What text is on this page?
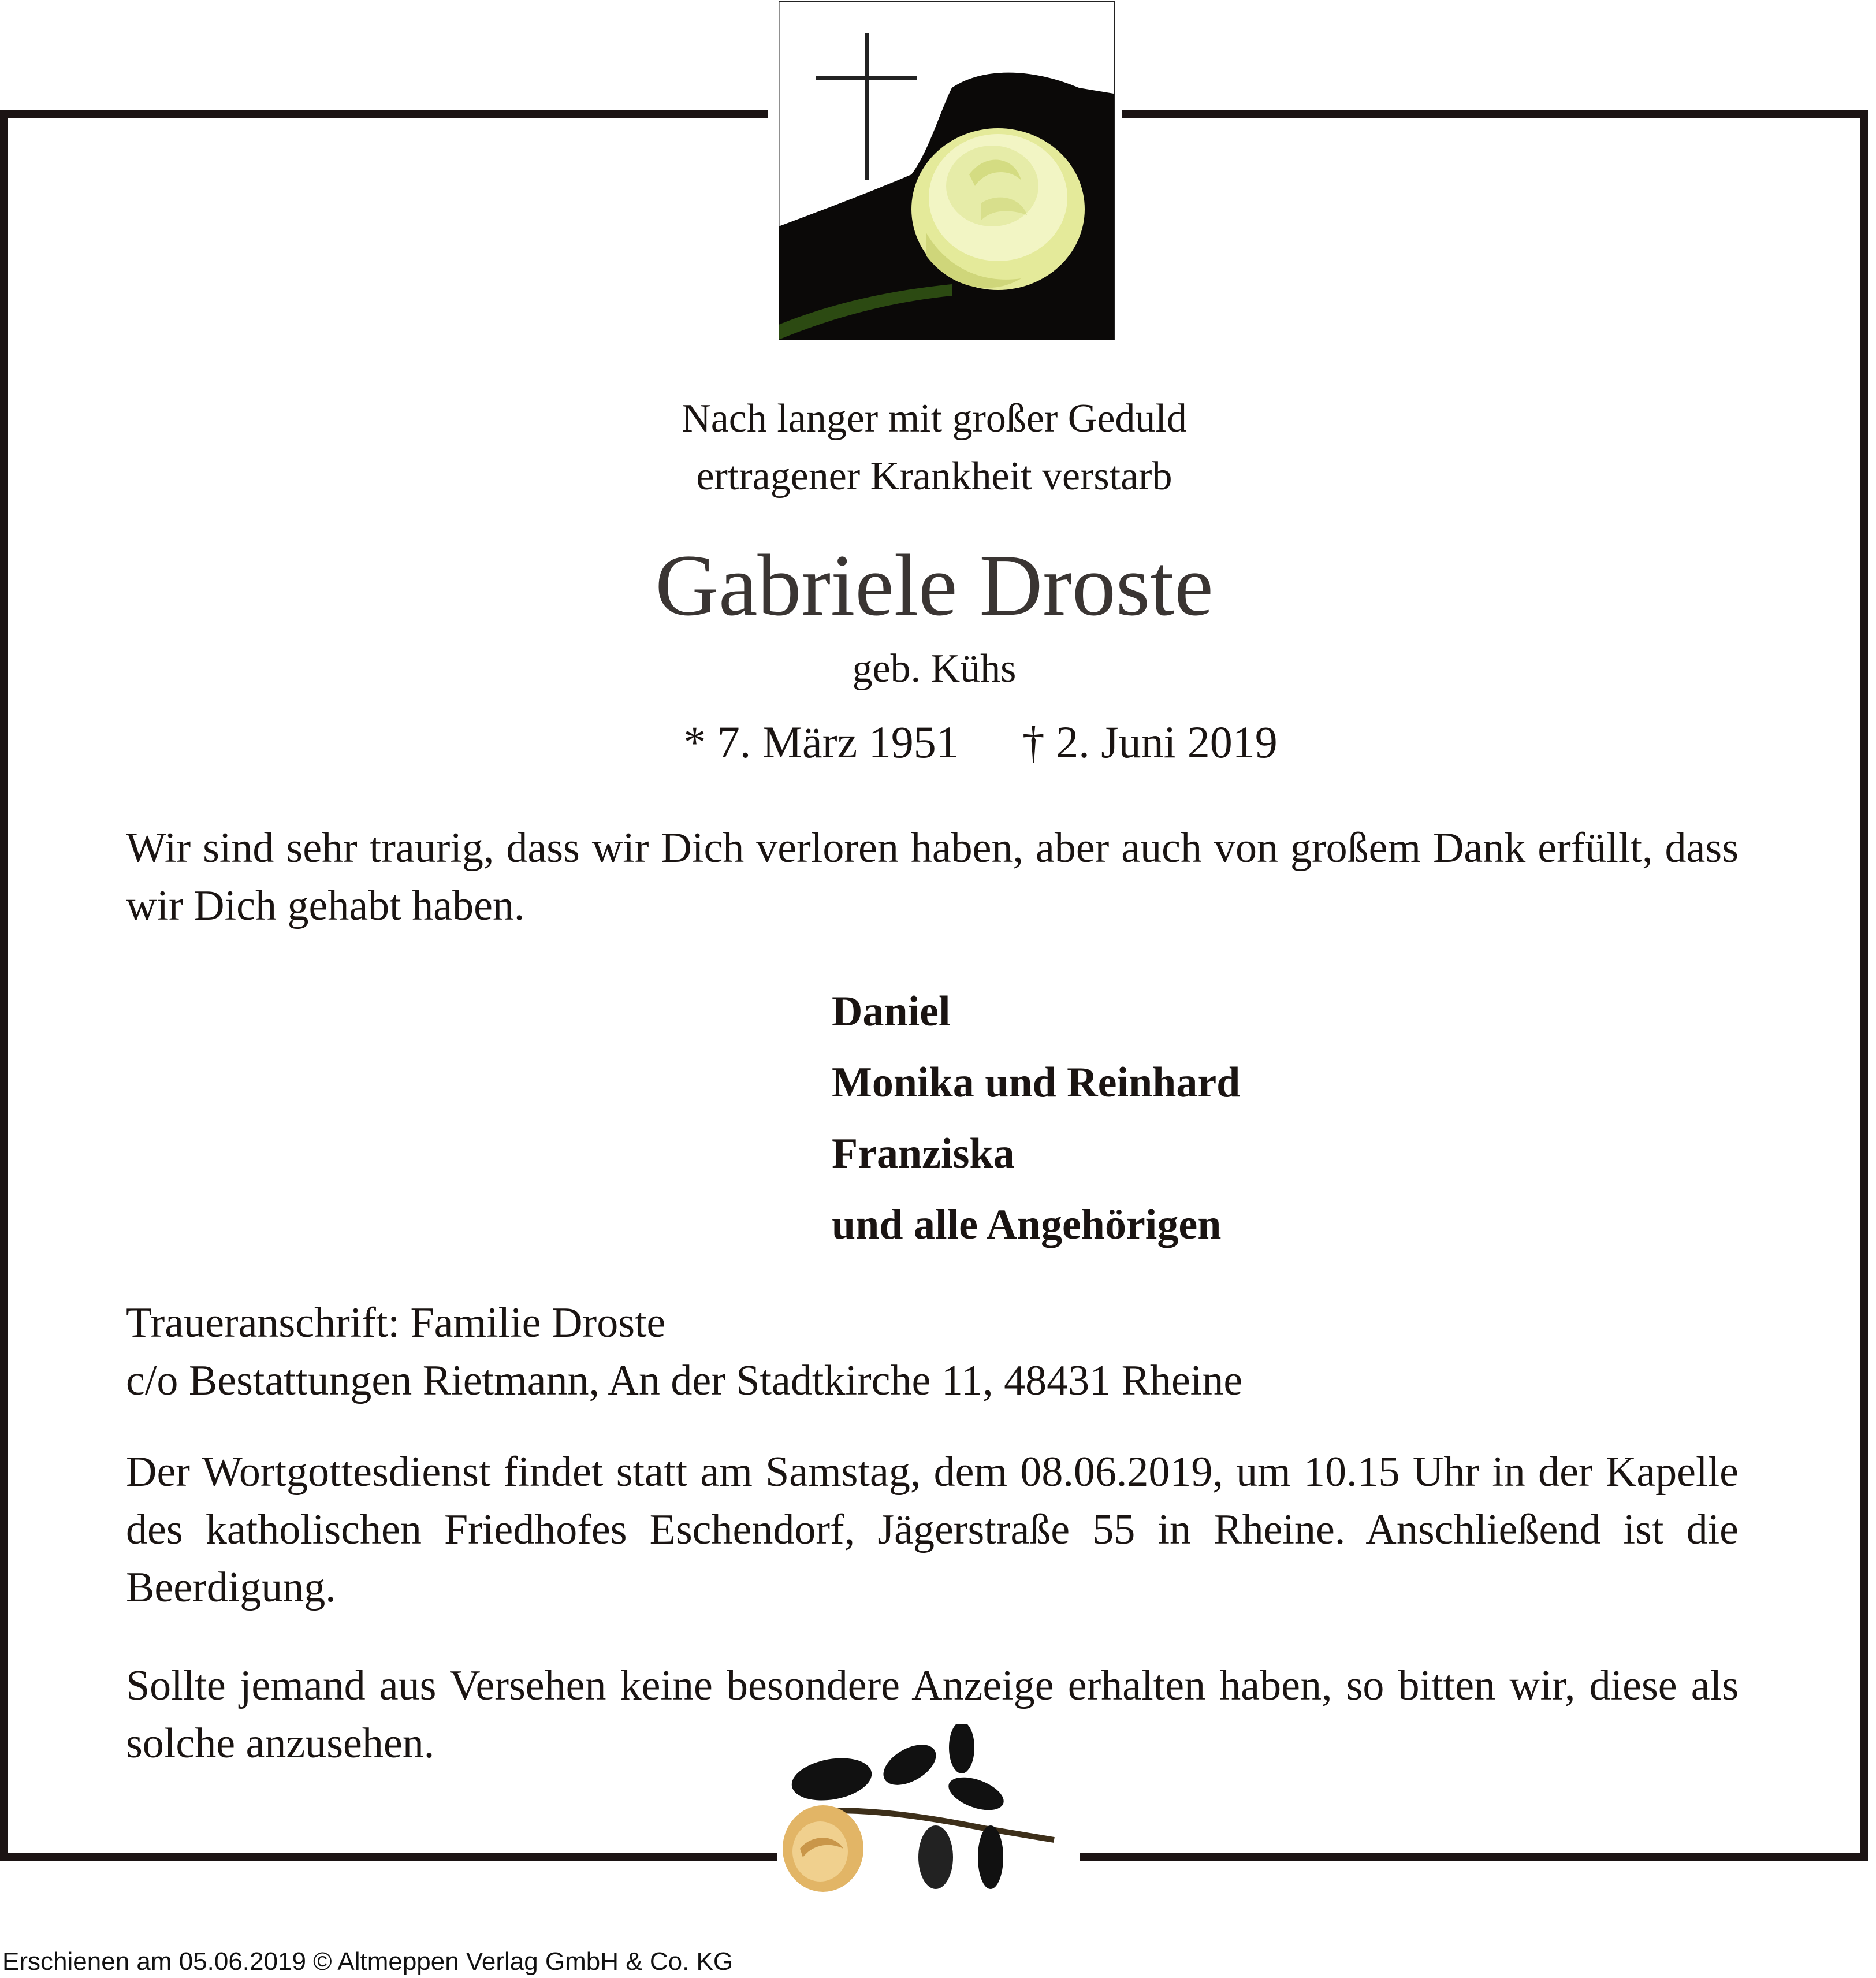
Nach langer mit großer Geduld
ertragener Krankheit verstarb
Gabriele Droste
geb. Kühs
* 7. März 1951 † 2. Juni 2019
Wir sind sehr traurig, dass wir Dich verloren haben, aber auch von großem Dank erfüllt, dass wir Dich gehabt haben.
Daniel
Monika und Reinhard
Franziska
und alle Angehörigen
Traueranschrift: Familie Droste
c/o Bestattungen Rietmann, An der Stadtkirche 11, 48431 Rheine
Der Wortgottesdienst findet statt am Samstag, dem 08.06.2019, um 10.15 Uhr in der Kapelle des katholischen Friedhofes Eschendorf, Jägerstraße 55 in Rheine. Anschließend ist die Beerdigung.
Sollte jemand aus Versehen keine besondere Anzeige erhalten haben, so bitten wir, diese als solche anzusehen.
Erschienen am 05.06.2019 © Altmeppen Verlag GmbH & Co. KG
